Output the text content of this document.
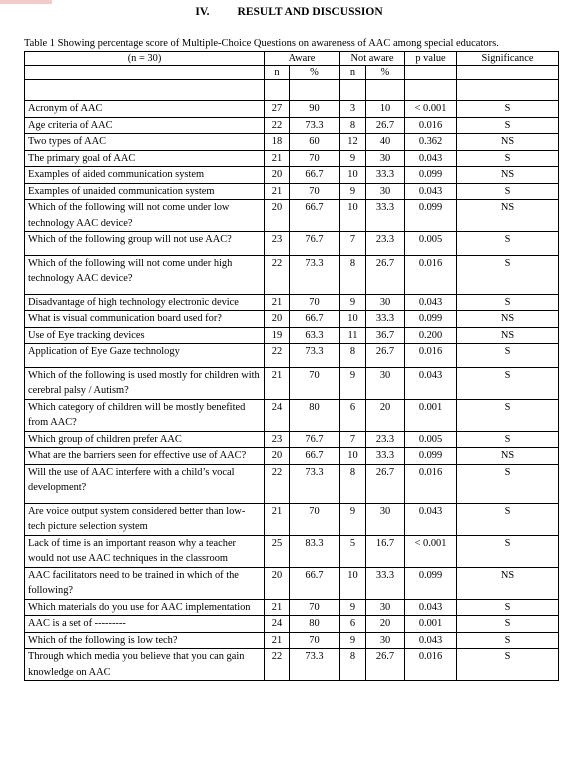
IV. RESULT AND DISCUSSION
Table 1 Showing percentage score of Multiple-Choice Questions on awareness of AAC among special educators.
(n = 30)	Aware		Not aware		p value	Significance
	n	%	n	%		

Acronym of AAC	27	90	3	10	< 0.001	S
Age criteria of AAC	22	73.3	8	26.7	0.016	S
Two types of AAC	18	60	12	40	0.362	NS
The primary goal of AAC	21	70	9	30	0.043	S
Examples of aided communication system	20	66.7	10	33.3	0.099	NS
Examples of unaided communication system	21	70	9	30	0.043	S
Which of the following will not come under low technology AAC device?	20	66.7	10	33.3	0.099	NS
Which of the following group will not use AAC?	23	76.7	7	23.3	0.005	S
Which of the following will not come under high technology AAC device?	22	73.3	8	26.7	0.016	S
Disadvantage of high technology electronic device	21	70	9	30	0.043	S
What is visual communication board used for?	20	66.7	10	33.3	0.099	NS
Use of Eye tracking devices	19	63.3	11	36.7	0.200	NS
Application of Eye Gaze technology	22	73.3	8	26.7	0.016	S
Which of the following is used mostly for children with cerebral palsy / Autism?	21	70	9	30	0.043	S
Which category of children will be mostly benefited from AAC?	24	80	6	20	0.001	S
Which group of children prefer AAC	23	76.7	7	23.3	0.005	S
What are the barriers seen for effective use of AAC?	20	66.7	10	33.3	0.099	NS
Will the use of AAC interfere with a child’s vocal development?	22	73.3	8	26.7	0.016	S
Are voice output system considered better than low-tech picture selection system	21	70	9	30	0.043	S
Lack of time is an important reason why a teacher would not use AAC techniques in the classroom	25	83.3	5	16.7	< 0.001	S
AAC facilitators need to be trained in which of the following?	20	66.7	10	33.3	0.099	NS
Which materials do you use for AAC implementation	21	70	9	30	0.043	S
AAC is a set of ---------	24	80	6	20	0.001	S
Which of the following is low tech?	21	70	9	30	0.043	S
Through which media you believe that you can gain knowledge on AAC	22	73.3	8	26.7	0.016	S
